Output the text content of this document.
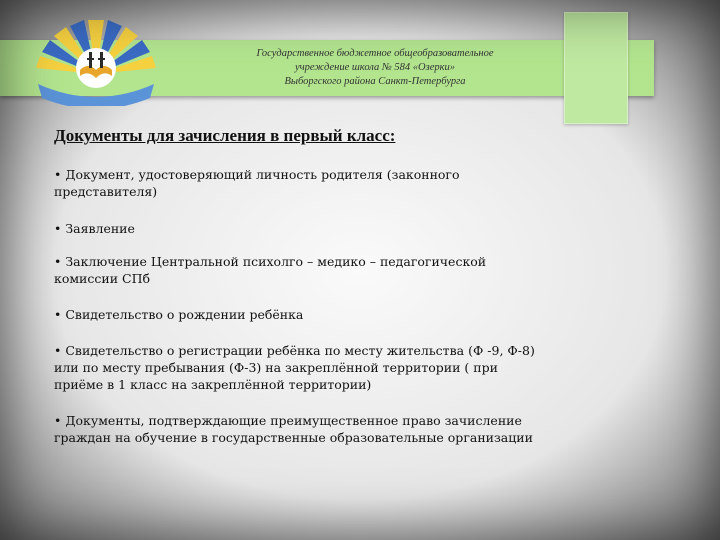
Государственное бюджетное общеобразовательное
учреждение школа № 584 «Озерки»
Выборгского района Санкт-Петербурга
Документы для зачисления в первый класс:
• Документ, удостоверяющий личность родителя (законного представителя)
• Заявление
• Заключение Центральной психолго – медико – педагогической комиссии СПб
• Свидетельство о рождении ребёнка
• Свидетельство о регистрации ребёнка по месту жительства (Ф -9, Ф-8) или по месту пребывания (Ф-3) на закреплённой территории ( при приёме в 1 класс на закреплённой территории)
• Документы, подтверждающие преимущественное право зачисление граждан на обучение в государственные образовательные организации
